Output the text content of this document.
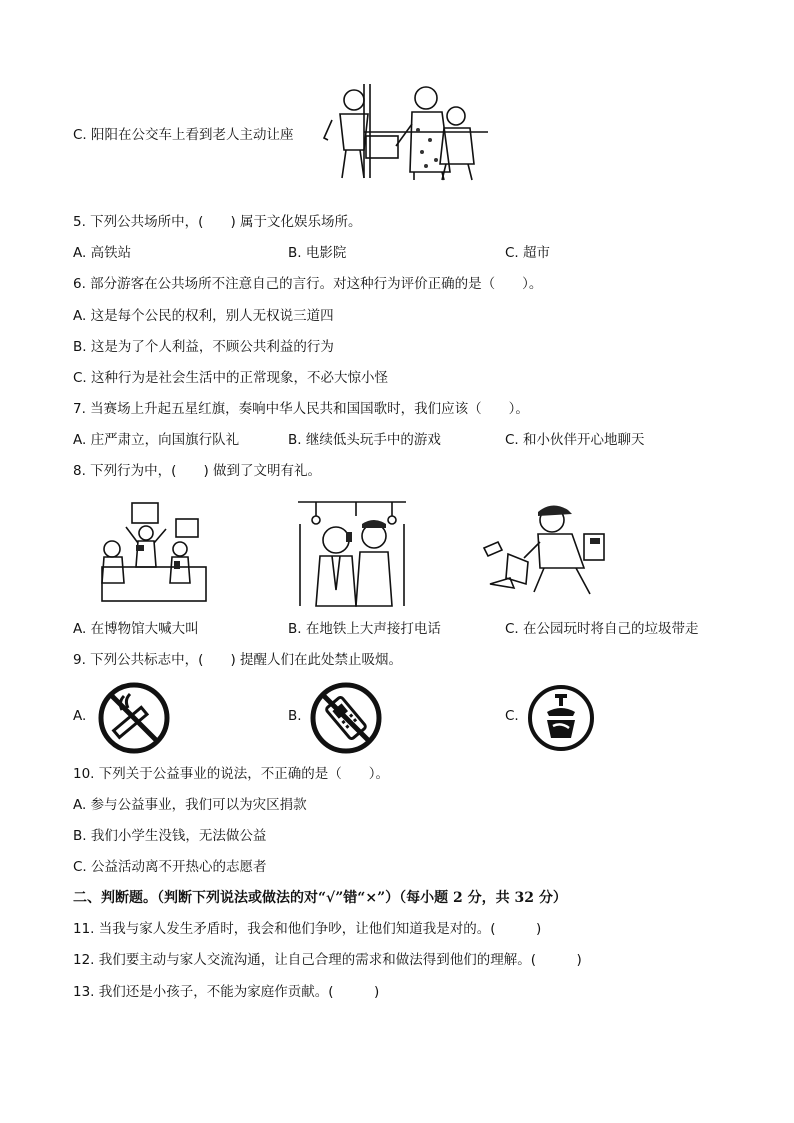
C. 阳阳在公交车上看到老人主动让座
5. 下列公共场所中，(　　) 属于文化娱乐场所。
A. 高铁站	B. 电影院	C. 超市
6. 部分游客在公共场所不注意自己的言行。对这种行为评价正确的是（　　）。
A. 这是每个公民的权利，别人无权说三道四
B. 这是为了个人利益，不顾公共利益的行为
C. 这种行为是社会生活中的正常现象，不必大惊小怪
7. 当赛场上升起五星红旗，奏响中华人民共和国国歌时，我们应该（　　）。
A. 庄严肃立，向国旗行队礼	B. 继续低头玩手中的游戏	C. 和小伙伴开心地聊天
8. 下列行为中，(　　) 做到了文明有礼。
A. 在博物馆大喊大叫	B. 在地铁上大声接打电话	C. 在公园玩时将自己的垃圾带走
9. 下列公共标志中，(　　) 提醒人们在此处禁止吸烟。
A.	B.	C.
10. 下列关于公益事业的说法，不正确的是（　　）。
A. 参与公益事业，我们可以为灾区捐款
B. 我们小学生没钱，无法做公益
C. 公益活动离不开热心的志愿者
二、判断题。（判断下列说法或做法的对“√”错“×”）（每小题 2 分，共 32 分）
11. 当我与家人发生矛盾时，我会和他们争吵，让他们知道我是对的。(　　　)
12. 我们要主动与家人交流沟通，让自己合理的需求和做法得到他们的理解。(　　　)
13. 我们还是小孩子，不能为家庭作贡献。(　　　)
